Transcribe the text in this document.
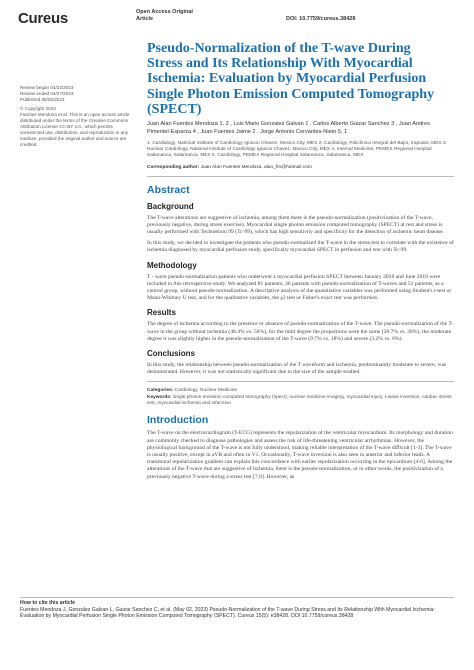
Cureus	Open Access Original
Article	DOI: 10.7759/cureus.38428
Pseudo-Normalization of the T-wave During Stress and Its Relationship With Myocardial Ischemia: Evaluation by Myocardial Perfusion Single Photon Emission Computed Tomography (SPECT)
Review began 04/22/2023
Review ended 04/27/2023
Published 05/02/2023
© Copyright 2023
Fuentes Mendoza et al. This is an open access article distributed under the terms of the Creative Commons Attribution License CC-BY 4.0., which permits unrestricted use, distribution, and reproduction in any medium, provided the original author and source are credited.
Juan Alan Fuentes Mendoza 1, 2 , Luis Mario Gonzalez Galvan 1 , Carlos Alberto Guizar Sanchez 3 , Juan Andres Pimentel-Esparza 4 , Juan Fuentes Jaime 2 , Jorge Antonio Cervantes-Nieto 5, 1
1. Cardiology, National Institute of Cardiology Ignacio Chavez, Mexico City, MEX 2. Cardiology, Policlínica Integral del Bajío, Irapuato, MEX 3. Nuclear Cardiology, National Institute of Cardiology Ignacio Chavez, Mexico City, MEX 4. Internal Medicine, PEMEX Regional Hospital Salamanca, Salamanca, MEX 5. Cardiology, PEMEX Regional Hospital Salamanca, Salamanca, MEX
Corresponding author: Juan Alan Fuentes Mendoza, alan_fm@hotmail.com
Abstract
Background
The T-wave alterations are suggestive of ischemia, among them there is the pseudo-normalization (positivization of the T-wave, previously negative, during stress exercise). Myocardial single photon emission computed tomography (SPECT) at rest and stress is usually performed with Technetium 99 (Tc-99), which has high sensitivity and specificity for the detection of ischemic heart disease.
In this study, we decided to investigate the patients who pseudo-normalized the T-wave in the stress test to correlate with the existence of ischemia diagnosed by myocardial perfusion study, specifically myocardial SPECT in perfusion and rest with Tc-99.
Methodology
T - wave pseudo-normalization patients who underwent a myocardial perfusion SPECT between January 2018 and June 2019 were included in this retrospective study. We analyzed 81 patients; 30 patients with pseudo-normalization of T-waves and 51 patients, as a control group, without pseudo-normalization. A descriptive analysis of the quantitative variables was performed using Student's t-test or Mann-Whitney U test, and for the qualitative variables, the χ2 test or Fisher's exact test was performed.
Results
The degree of ischemia according to the presence or absence of pseudo-normalization of the T-wave. The pseudo-normalization of the T-wave in the group without ischemia (48.4% vs. 56%), for the mild degree the proportions were the same (38.7% vs. 38%), the moderate degree it was slightly higher in the pseudo-normalization of the T-wave (9.7% vs. 18%) and severe (3.2% vs. 6%).
Conclusions
In this study, the relationship between pseudo-normalization of the T waveform and ischemia, predominantly moderate to severe, was demonstrated. However, it was not statistically significant due to the size of the sample studied.
Categories: Cardiology, Nuclear Medicine
Keywords: single photon emission computed tomography (spect), nuclear medicine imaging, myocardial injury, t-wave inversion, cardiac stress test, myocardial ischemia and infarction
Introduction
The T-wave on the electrocardiogram (T-ECG) represents the repolarization of the ventricular myocardium. Its morphology and duration are commonly checked to diagnose pathologies and assess the risk of life-threatening ventricular arrhythmias. However, the physiological background of the T-wave is not fully understood, making reliable interpretation of the T-wave difficult [1-3]. The T-wave is usually positive, except in aVR and often in V1. Occasionally, T-wave inversion is also seen in anterior and inferior leads. A transmural repolarization gradient can explain this concordance with earlier repolarization occurring in the epicardium [4-6]. Among the alterations of the T-wave that are suggestive of ischemia, there is the pseudo-normalization, or in other words, the positivization of a previously negative T-wave during a stress test [7,8]. However, as
How to cite this article
Fuentes Mendoza J, Gonzalez Galvan L, Guizar Sanchez C, et al. (May 02, 2023) Pseudo-Normalization of the T-wave During Stress and Its Relationship With Myocardial Ischemia: Evaluation by Myocardial Perfusion Single Photon Emission Computed Tomography (SPECT). Cureus 15(5): e38428. DOI 10.7759/cureus.38428
